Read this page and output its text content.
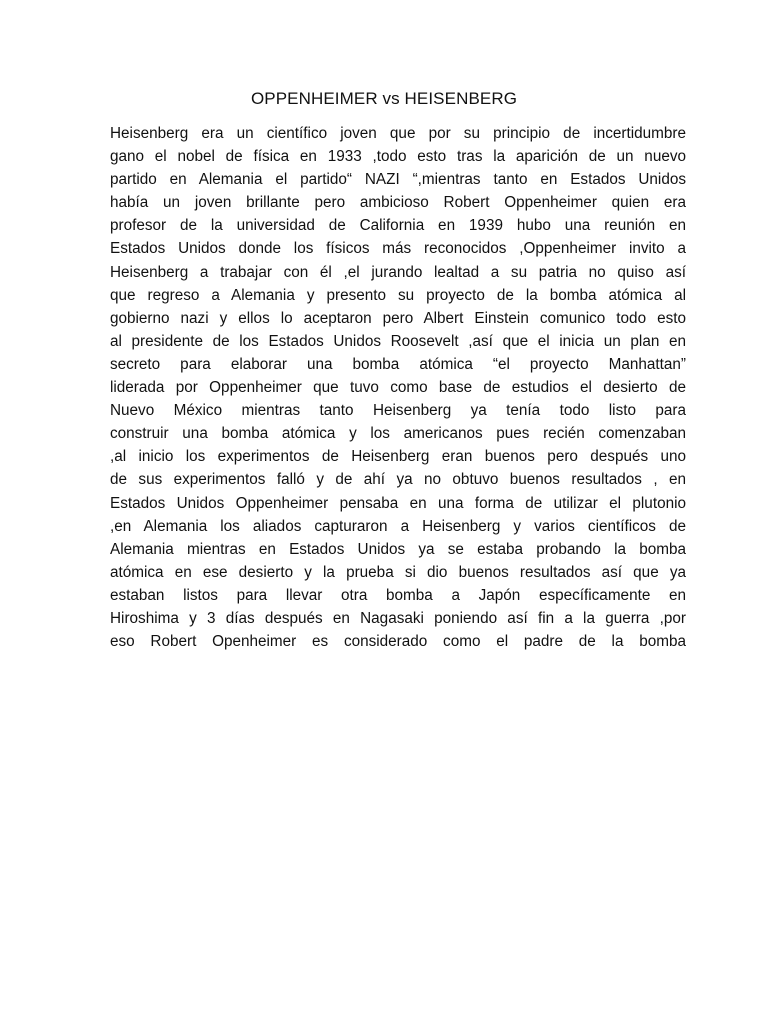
OPPENHEIMER vs HEISENBERG
Heisenberg era un científico joven que por su principio de incertidumbre
gano el nobel de física en 1933 ,todo esto tras la aparición de un nuevo
partido en Alemania el partido“ NAZI “,mientras tanto en Estados Unidos
había un joven brillante pero ambicioso Robert Oppenheimer quien era
profesor de la universidad de California en 1939 hubo una reunión en
Estados Unidos donde los físicos más reconocidos ,Oppenheimer invito a
Heisenberg a trabajar con él ,el jurando lealtad a su patria no quiso así
que regreso a Alemania y presento su proyecto de la bomba atómica al
gobierno nazi y ellos lo aceptaron pero Albert Einstein comunico todo esto
al presidente de los Estados Unidos Roosevelt ,así que el inicia un plan en
secreto para elaborar una bomba atómica “el proyecto Manhattan”
liderada por Oppenheimer que tuvo como base de estudios el desierto de
Nuevo México mientras tanto Heisenberg ya tenía todo listo para
construir una bomba atómica y los americanos pues recién comenzaban
,al inicio los experimentos de Heisenberg eran buenos pero después uno
de sus experimentos falló y de ahí ya no obtuvo buenos resultados , en
Estados Unidos Oppenheimer pensaba en una forma de utilizar el plutonio
,en Alemania los aliados capturaron a Heisenberg y varios científicos de
Alemania mientras en Estados Unidos ya se estaba probando la bomba
atómica en ese desierto y la prueba si dio buenos resultados así que ya
estaban listos para llevar otra bomba a Japón específicamente en
Hiroshima y 3 días después en Nagasaki poniendo así fin a la guerra ,por
eso Robert Openheimer es considerado como el padre de la bomba
